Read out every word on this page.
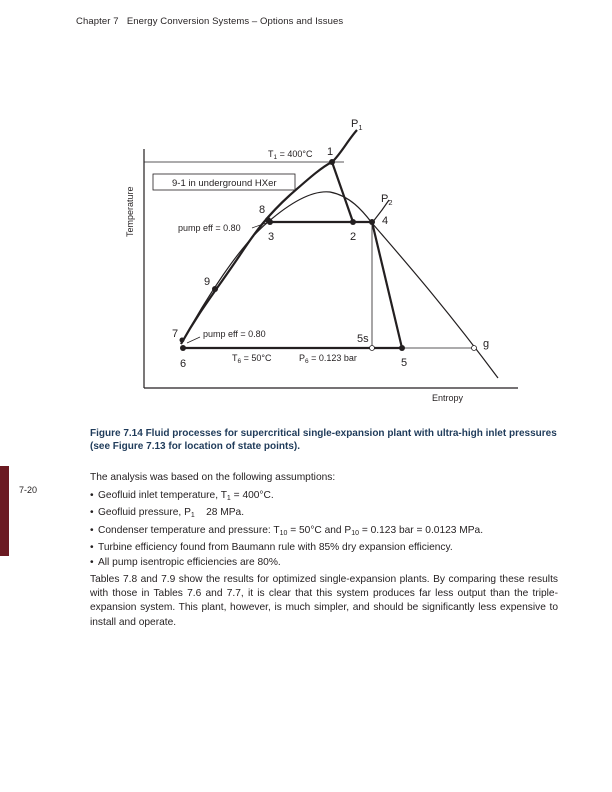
Chapter 7 Energy Conversion Systems – Options and Issues
7-20
Temperature
Entropy
9-1 in underground HXer
$P_1$
$P_2$
$T_1 = 400^\circ C$
$T_6 = 50^\circ C$	$P_6 = 0.123$ bar
pump eff = 0.80
pump eff = 0.80
1
2
3
4
5
5s
6
7
8
9
g
Figure 7.14 Fluid processes for supercritical single-expansion plant with ultra-high inlet pressures (see Figure 7.13 for location of state points).
The analysis was based on the following assumptions:
• Geofluid inlet temperature, $T_1 = 400^\circ C$.
• Geofluid pressure, $P_1$    28 MPa.
• Condenser temperature and pressure: $T_{10} = 50^\circ C$ and $P_{10} = 0.123$ bar = 0.0123 MPa.
• Turbine efficiency found from Baumann rule with 85% dry expansion efficiency.
• All pump isentropic efficiencies are 80%.
Tables 7.8 and 7.9 show the results for optimized single-expansion plants. By comparing these results with those in Tables 7.6 and 7.7, it is clear that this system produces far less output than the triple-expansion system. This plant, however, is much simpler, and should be significantly less expensive to install and operate.
